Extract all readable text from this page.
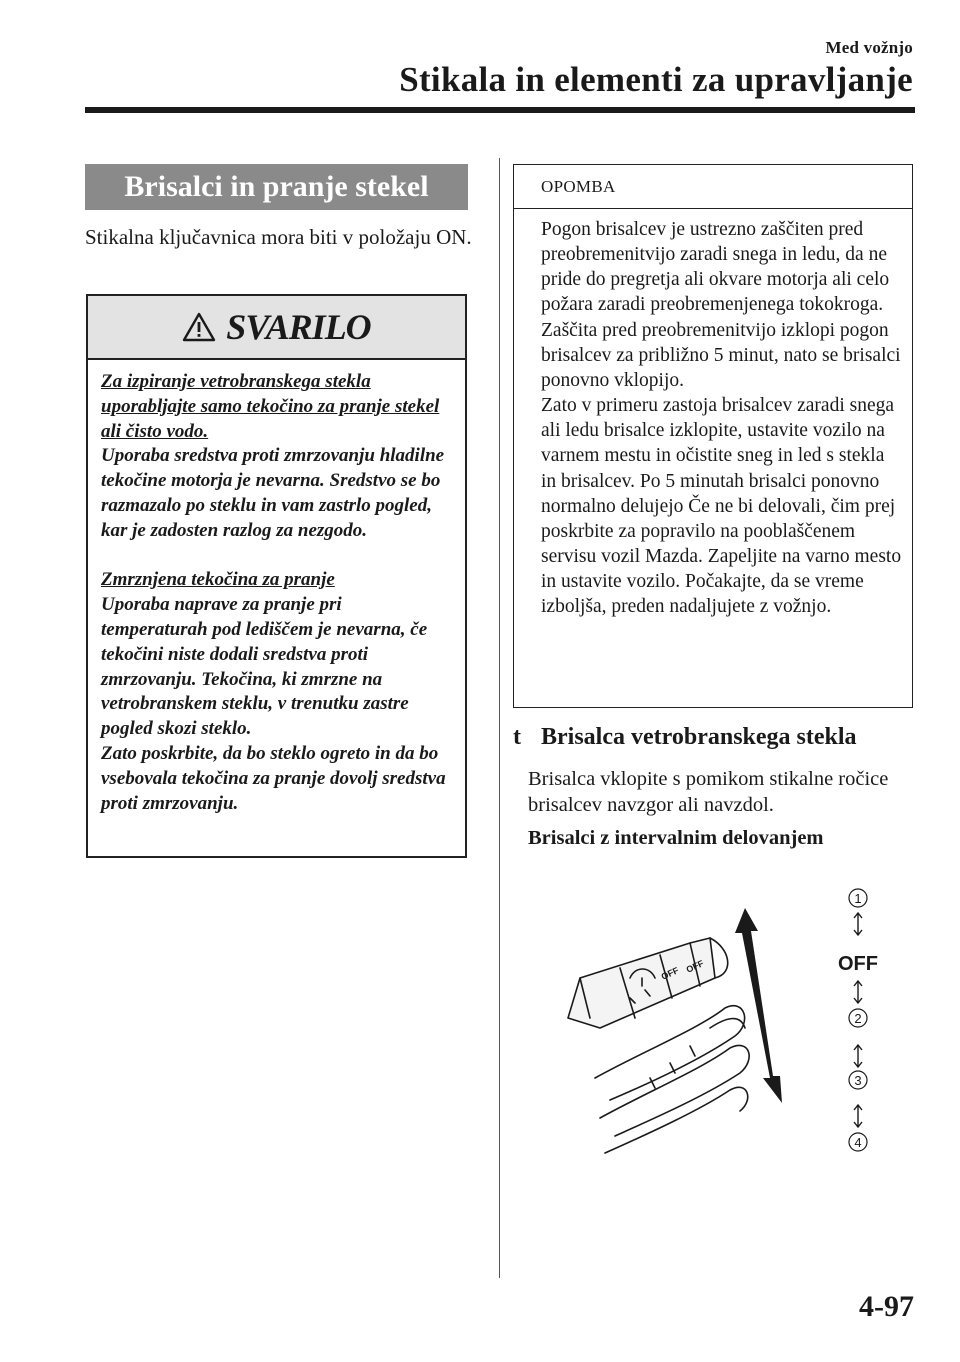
Med vožnjo
Stikala in elementi za upravljanje
Brisalci in pranje stekel

Stikalna ključavnica mora biti v položaju ON.

SVARILO

Za izpiranje vetrobranskega stekla uporabljajte samo tekočino za pranje stekel ali čisto vodo.

Uporaba sredstva proti zmrzovanju hladilne tekočine motorja je nevarna. Sredstvo se bo razmazalo po steklu in vam zastrlo pogled, kar je zadosten razlog za nezgodo.

Zmrznjena tekočina za pranje

Uporaba naprave za pranje pri temperaturah pod lediščem je nevarna, če tekočini niste dodali sredstva proti zmrzovanju. Tekočina, ki zmrzne na vetrobranskem steklu, v trenutku zastre pogled skozi steklo.

Zato poskrbite, da bo steklo ogreto in da bo vsebovala tekočina za pranje dovolj sredstva proti zmrzovanju.

OPOMBA

Pogon brisalcev je ustrezno zaščiten pred preobremenitvijo zaradi snega in ledu, da ne pride do pregretja ali okvare motorja ali celo požara zaradi preobremenjenega tokokroga. Zaščita pred preobremenitvijo izklopi pogon brisalcev za približno 5 minut, nato se brisalci ponovno vklopijo.

Zato v primeru zastoja brisalcev zaradi snega ali ledu brisalce izklopite, ustavite vozilo na varnem mestu in očistite sneg in led s stekla in brisalcev. Po 5 minutah brisalci ponovno normalno delujejo Če ne bi delovali, čim prej poskrbite za popravilo na pooblaščenem servisu vozil Mazda. Zapeljite na varno mesto in ustavite vozilo. Počakajte, da se vreme izboljša, preden nadaljujete z vožnjo.

t Brisalca vetrobranskega stekla

Brisalca vklopite s pomikom stikalne ročice brisalcev navzgor ali navzdol.

Brisalci z intervalnim delovanjem
OFF OFF
1
OFF
2
3
4
4-97
